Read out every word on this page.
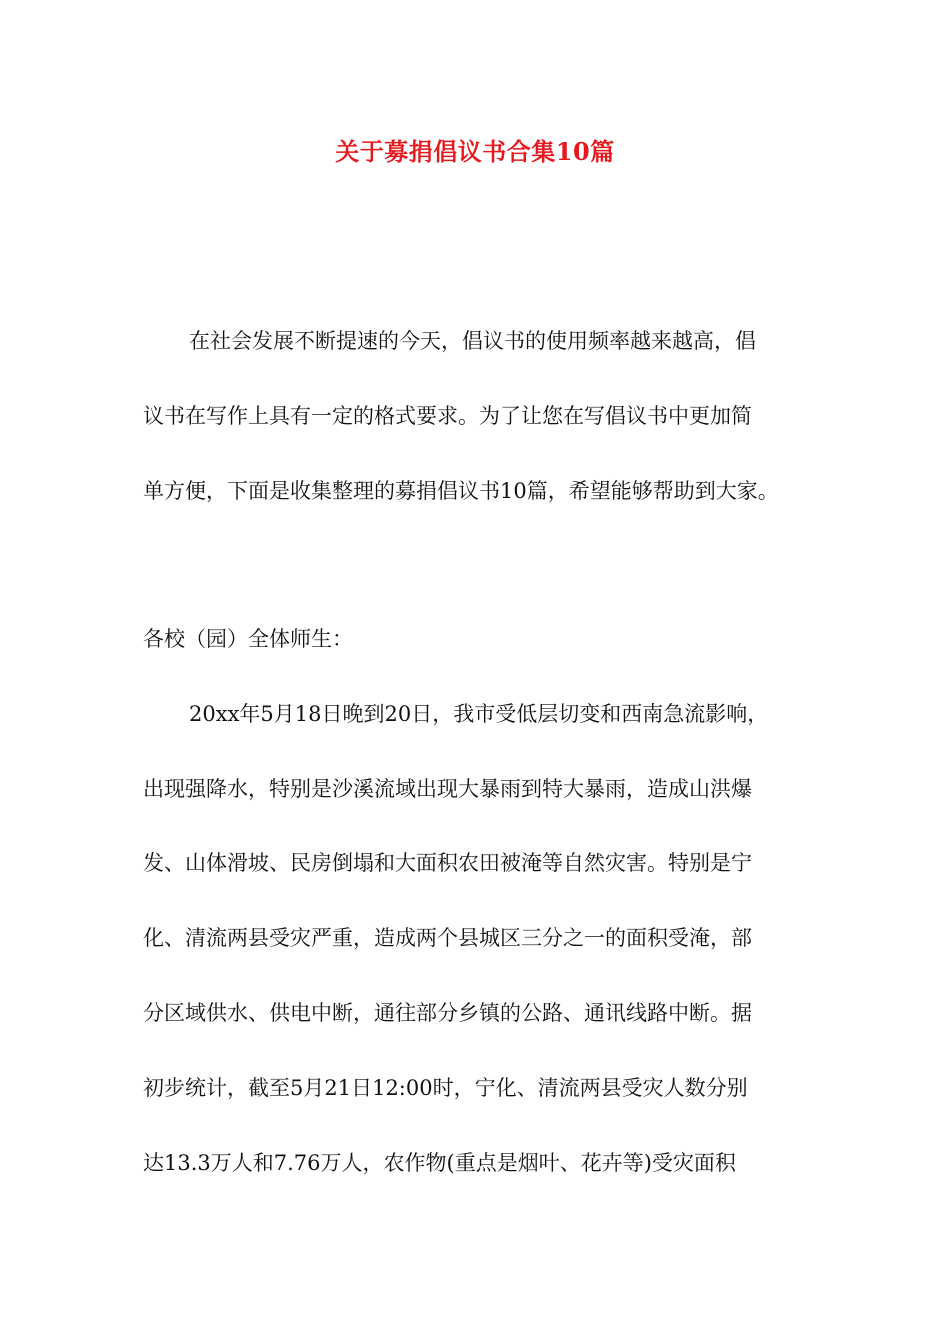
关于募捐倡议书合集10篇
在社会发展不断提速的今天，倡议书的使用频率越来越高，倡
议书在写作上具有一定的格式要求。为了让您在写倡议书中更加简
单方便，下面是收集整理的募捐倡议书10篇，希望能够帮助到大家。
各校（园）全体师生：
20xx年5月18日晚到20日，我市受低层切变和西南急流影响，
出现强降水，特别是沙溪流域出现大暴雨到特大暴雨，造成山洪爆
发、山体滑坡、民房倒塌和大面积农田被淹等自然灾害。特别是宁
化、清流两县受灾严重，造成两个县城区三分之一的面积受淹，部
分区域供水、供电中断，通往部分乡镇的公路、通讯线路中断。据
初步统计，截至5月21日12:00时，宁化、清流两县受灾人数分别
达13.3万人和7.76万人，农作物(重点是烟叶、花卉等)受灾面积
